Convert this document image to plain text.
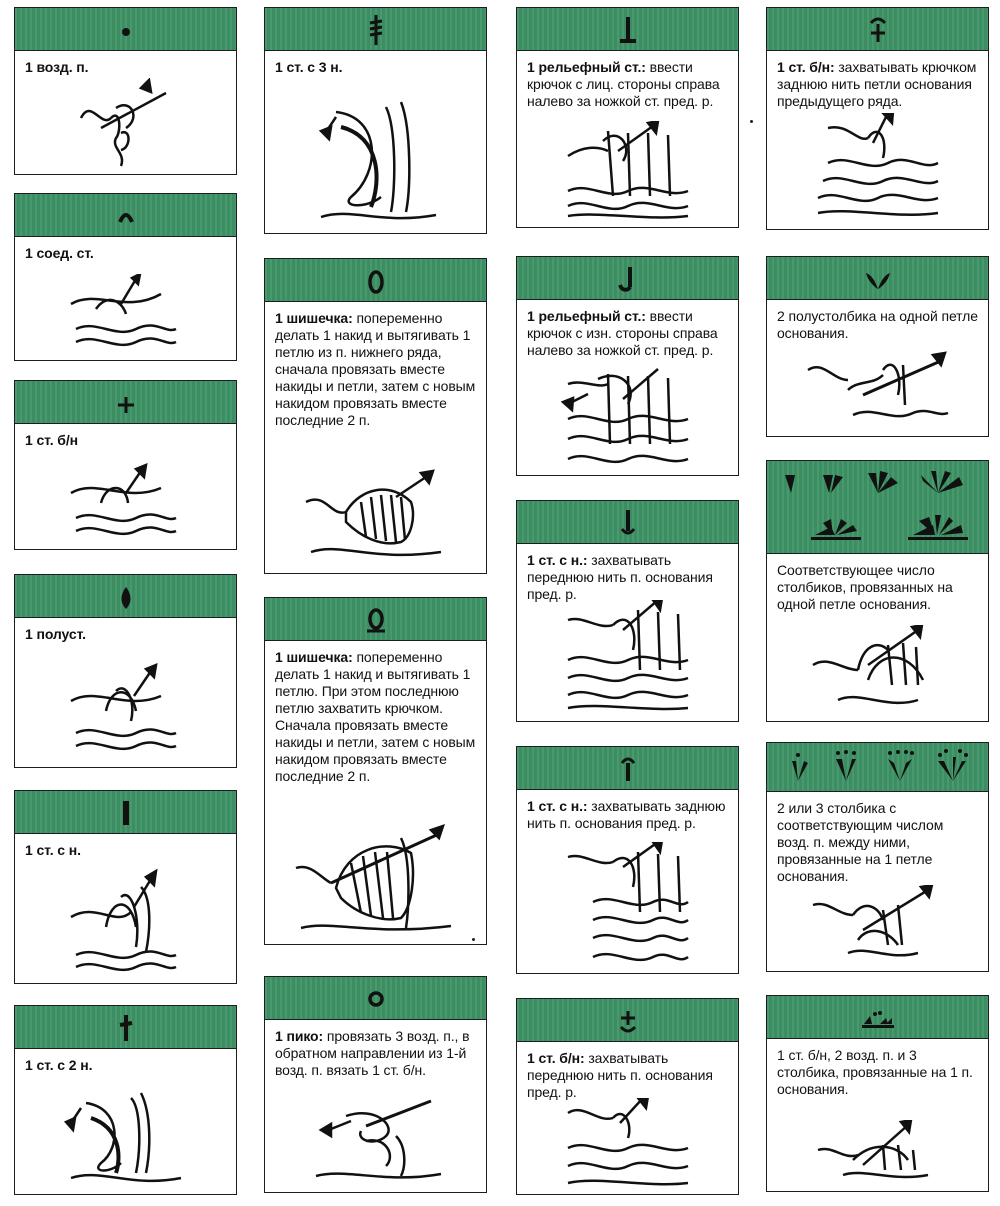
1 возд. п.
1 соед. ст.
1 ст. б/н
1 полуст.
1 ст. с н.
1 ст. с 2 н.
1 ст. с 3 н.
1 шишечка: попеременно делать 1 накид и вытягивать 1 петлю из п. нижнего ряда, сначала провязать вместе накиды и петли, затем с новым накидом провязать вместе последние 2 п.
1 шишечка: попеременно делать 1 накид и вытягивать 1 петлю. При этом последнюю петлю захватить крючком. Сначала провязать вместе накиды и петли, затем с новым накидом провязать вместе последние 2 п.
1 пико: провязать 3 возд. п., в обратном направлении из 1-й возд. п. вязать 1 ст. б/н.
1 рельефный ст.: ввести крючок с лиц. стороны справа налево за ножкой ст. пред. р.
1 рельефный ст.: ввести крючок с изн. стороны справа налево за ножкой ст. пред. р.
1 ст. с н.: захватывать переднюю нить п. основания пред. р.
1 ст. с н.: захватывать заднюю нить п. основания пред. р.
1 ст. б/н: захватывать переднюю нить п. основания пред. р.
1 ст. б/н: захватывать крючком заднюю нить петли основания предыдущего ряда.
2 полустолбика на одной петле основания.
Соответствующее число столбиков, провязанных на одной петле основания.
2 или 3 столбика с соответствующим числом возд. п. между ними, провязанные на 1 петле основания.
1 ст. б/н, 2 возд. п. и 3 столбика, провязанные на 1 п. основания.
